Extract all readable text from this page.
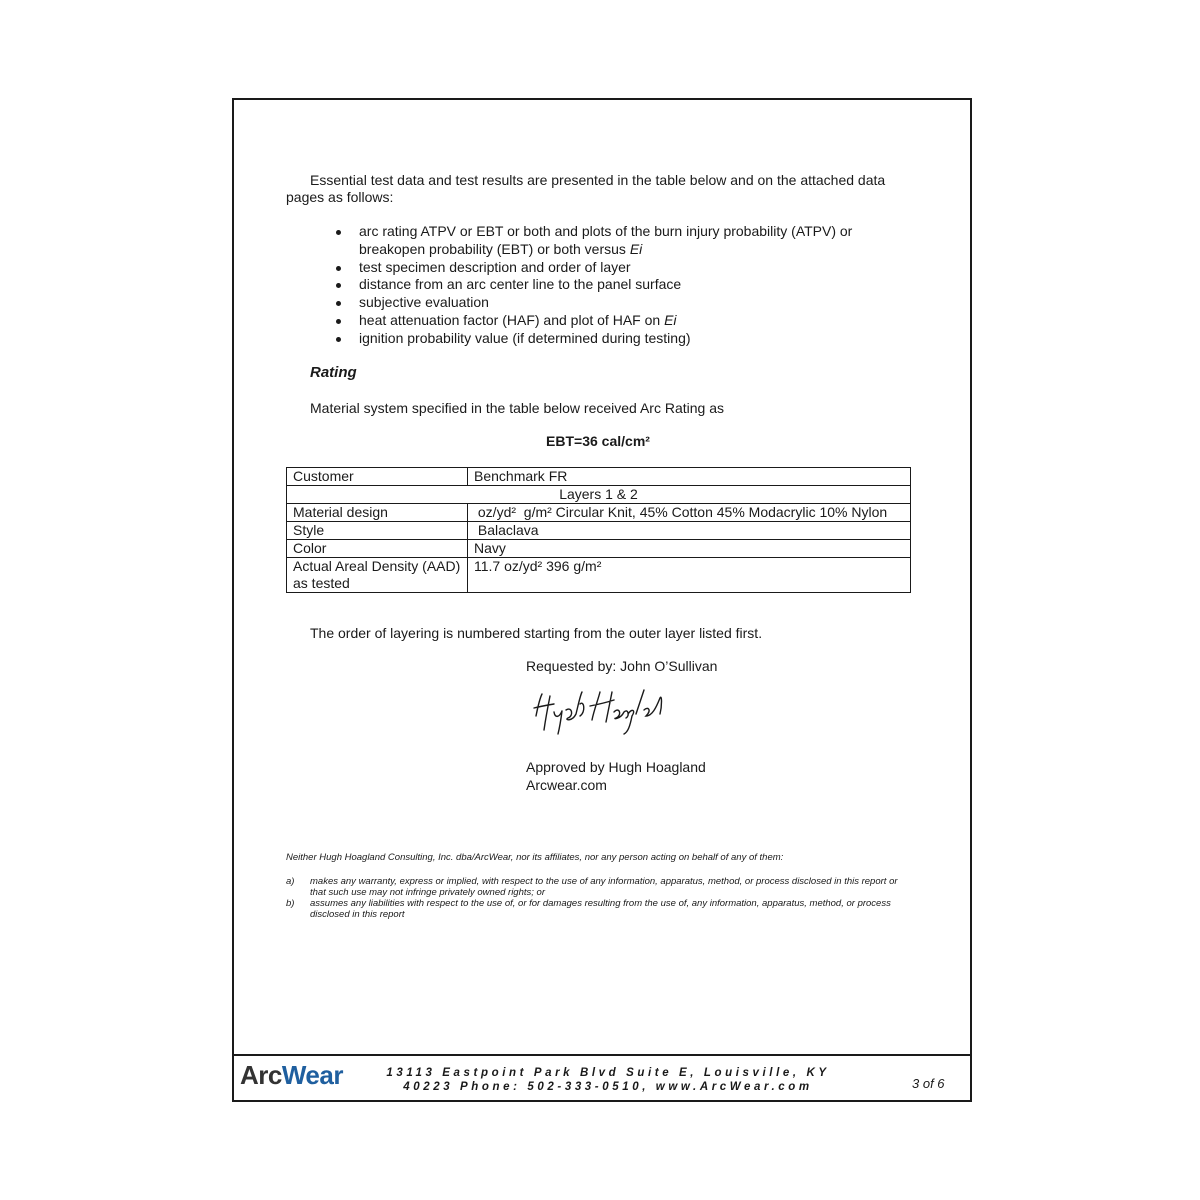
Essential test data and test results are presented in the table below and on the attached data pages as follows:
arc rating ATPV or EBT or both and plots of the burn injury probability (ATPV) or breakopen probability (EBT) or both versus Ei
test specimen description and order of layer
distance from an arc center line to the panel surface
subjective evaluation
heat attenuation factor (HAF) and plot of HAF on Ei
ignition probability value (if determined during testing)
Rating
Material system specified in the table below received Arc Rating as
EBT=36 cal/cm²
Customer	Benchmark FR
Layers 1 & 2	
Material design	oz/yd²  g/m² Circular Knit, 45% Cotton 45% Modacrylic 10% Nylon
Style	Balaclava
Color	Navy
Actual Areal Density (AAD) as tested	11.7 oz/yd² 396 g/m²
The order of layering is numbered starting from the outer layer listed first.
Requested by: John O’Sullivan
Approved by Hugh Hoagland
Arcwear.com
Neither Hugh Hoagland Consulting, Inc. dba/ArcWear, nor its affiliates, nor any person acting on behalf of any of them:
a)	makes any warranty, express or implied, with respect to the use of any information, apparatus, method, or process disclosed in this report or that such use may not infringe privately owned rights; or
b)	assumes any liabilities with respect to the use of, or for damages resulting from the use of, any information, apparatus, method, or process disclosed in this report
ArcWear	13113 Eastpoint Park Blvd Suite E, Louisville, KY
40223 Phone: 502-333-0510, www.ArcWear.com	3 of 6
